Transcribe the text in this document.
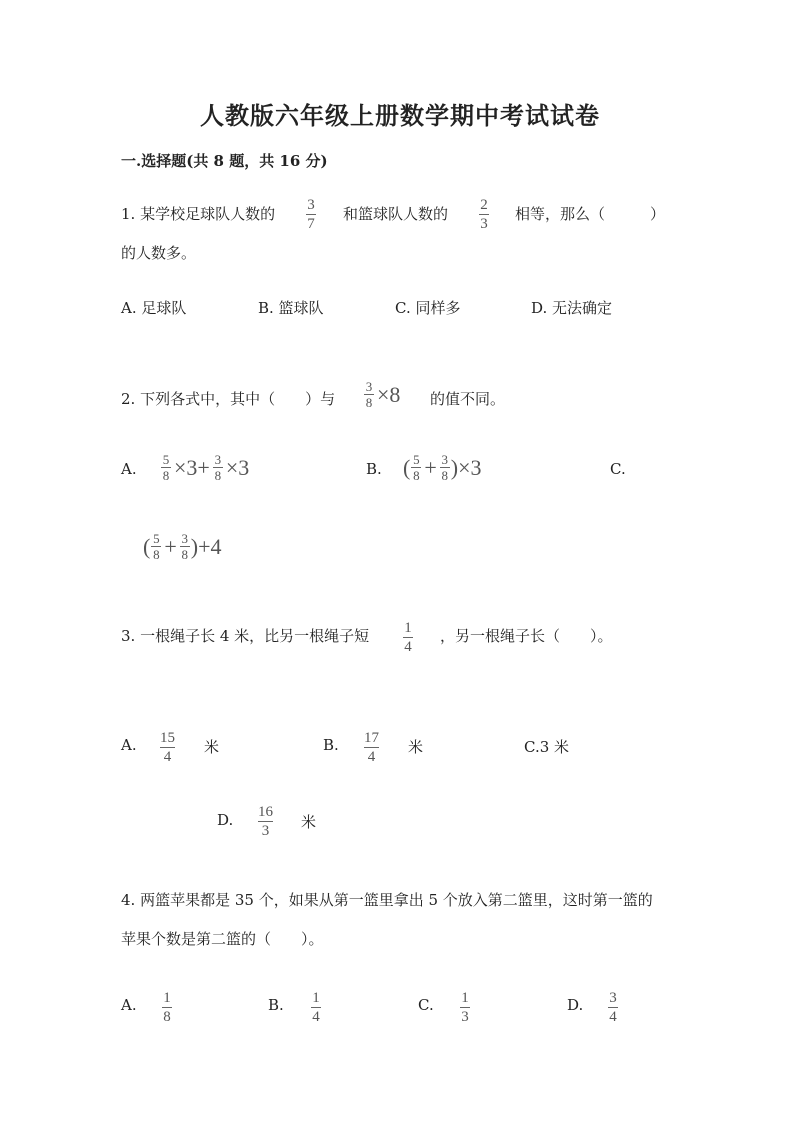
人教版六年级上册数学期中考试试卷
一.选择题(共 8 题，共 16 分)
1. 某学校足球队人数的 3
7
和篮球队人数的 2
3
相等，那么（　　　）
的人数多。
A. 足球队	B. 篮球队	C. 同样多	D. 无法确定
2. 下列各式中，其中（　　）与 $\frac{3}{8} \times 8$ 的值不同。
A. $\frac{5}{8} \times 3+ \frac{3}{8} \times 3$	B. ( $\frac{5}{8} + \frac{3}{8} )\times 3$	C.
( $\frac{5}{8} + \frac{3}{8} )+4$
3. 一根绳子长 4 米，比另一根绳子短 1
4
，另一根绳子长（　　）。
A. 15
4
米	B. 17
4
米	C.3 米
D. 16
3 米
4. 两篮苹果都是 35 个，如果从第一篮里拿出 5 个放入第二篮里，这时第一篮的
苹果个数是第二篮的（　　）。
A. 1
8
B. 1
4
C. 1
3
D. 3
4
